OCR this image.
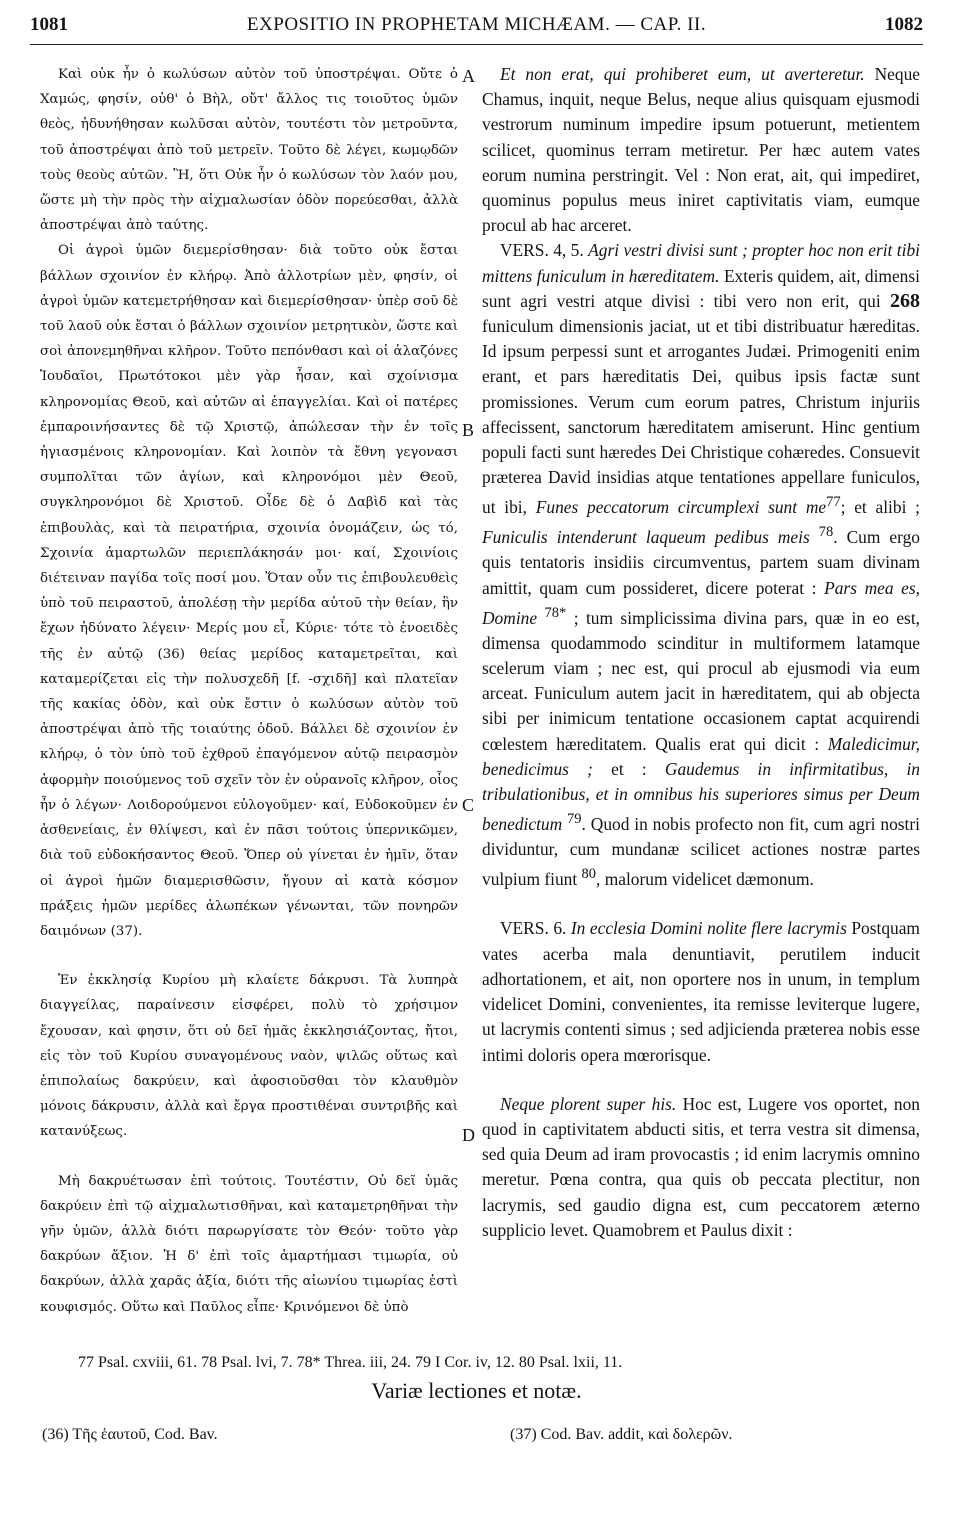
1081	EXPOSITIO IN PROPHETAM MICHÆAM. — CAP. II.	1082
A
B
C
D

Καὶ οὐκ ἦν ὁ κωλύσων αὐτὸν τοῦ ὑποστρέψαι. Οὔτε ὁ Χαμώς, φησίν, οὐθ' ὁ Βὴλ, οὔτ' ἄλλος τις τοιοῦτος ὑμῶν θεὸς, ἠδυνήθησαν κωλῦσαι αὐτὸν, τουτέστι τὸν μετροῦντα, τοῦ ἀποστρέψαι ἀπὸ τοῦ μετρεῖν. Τοῦτο δὲ λέγει, κωμῳδῶν τοὺς θεοὺς αὐτῶν. Ἢ, ὅτι Οὐκ ἦν ὁ κωλύσων τὸν λαόν μου, ὥστε μὴ τὴν πρὸς τὴν αἰχμαλωσίαν ὁδὸν πορεύεσθαι, ἀλλὰ ἀποστρέψαι ἀπὸ ταύτης.

Οἱ ἀγροὶ ὑμῶν διεμερίσθησαν· διὰ τοῦτο οὐκ ἔσται βάλλων σχοινίον ἐν κλήρῳ. Ἀπὸ ἀλλοτρίων μὲν, φησίν, οἱ ἀγροὶ ὑμῶν κατεμετρήθησαν καὶ διεμερίσθησαν· ὑπὲρ σοῦ δὲ τοῦ λαοῦ οὐκ ἔσται ὁ βάλλων σχοινίον μετρητικὸν, ὥστε καὶ σοὶ ἀπονεμηθῆναι κλῆρον. Τοῦτο πεπόνθασι καὶ οἱ ἀλαζόνες Ἰουδαῖοι, Πρωτότοκοι μὲν γὰρ ἦσαν, καὶ σχοίνισμα κληρονομίας Θεοῦ, καὶ αὐτῶν αἱ ἐπαγγελίαι. Καὶ οἱ πατέρες ἐμπαροινήσαντες δὲ τῷ Χριστῷ, ἀπώλεσαν τὴν ἐν τοῖς ἡγιασμένοις κληρονομίαν. Καὶ λοιπὸν τὰ ἔθνη γεγονασι συμπολῖται τῶν ἁγίων, καὶ κληρονόμοι μὲν Θεοῦ, συγκληρονόμοι δὲ Χριστοῦ. Οἶδε δὲ ὁ Δαβὶδ καὶ τὰς ἐπιβουλὰς, καὶ τὰ πειρατήρια, σχοινία ὀνομάζειν, ὡς τό, Σχοινία ἁμαρτωλῶν περιεπλάκησάν μοι· καί, Σχοινίοις διέτειναν παγίδα τοῖς ποσί μου. Ὅταν οὖν τις ἐπιβουλευθεὶς ὑπὸ τοῦ πειραστοῦ, ἀπολέσῃ τὴν μερίδα αὐτοῦ τὴν θείαν, ἣν ἔχων ἠδύνατο λέγειν· Μερίς μου εἶ, Κύριε· τότε τὸ ἐνοειδὲς τῆς ἐν αὐτῷ (36) θείας μερίδος καταμετρεῖται, καὶ καταμερίζεται εἰς τὴν πολυσχεδῆ [f. -σχιδῆ] καὶ πλατεῖαν τῆς κακίας ὁδὸν, καὶ οὐκ ἔστιν ὁ κωλύσων αὐτὸν τοῦ ἀποστρέψαι ἀπὸ τῆς τοιαύτης ὁδοῦ. Βάλλει δὲ σχοινίον ἐν κλήρῳ, ὁ τὸν ὑπὸ τοῦ ἐχθροῦ ἐπαγόμενον αὐτῷ πειρασμὸν ἀφορμὴν ποιούμενος τοῦ σχεῖν τὸν ἐν οὐρανοῖς κλῆρον, οἷος ἦν ὁ λέγων· Λοιδορούμενοι εὐλογοῦμεν· καί, Εὐδοκοῦμεν ἐν ἀσθενείαις, ἐν θλίψεσι, καὶ ἐν πᾶσι τούτοις ὑπερνικῶμεν, διὰ τοῦ εὐδοκήσαντος Θεοῦ. Ὅπερ οὐ γίνεται ἐν ἡμῖν, ὅταν οἱ ἀγροὶ ἡμῶν διαμερισθῶσιν, ἤγουν αἱ κατὰ κόσμον πράξεις ἡμῶν μερίδες ἀλωπέκων γένωνται, τῶν πονηρῶν δαιμόνων (37).

Ἐν ἐκκλησίᾳ Κυρίου μὴ κλαίετε δάκρυσι. Τὰ λυπηρὰ διαγγείλας, παραίνεσιν εἰσφέρει, πολὺ τὸ χρήσιμον ἔχουσαν, καὶ φησιν, ὅτι οὐ δεῖ ἡμᾶς ἐκκλησιάζοντας, ἤτοι, εἰς τὸν τοῦ Κυρίου συναγομένους ναὸν, ψιλῶς οὕτως καὶ ἐπιπολαίως δακρύειν, καὶ ἀφοσιοῦσθαι τὸν κλαυθμὸν μόνοις δάκρυσιν, ἀλλὰ καὶ ἔργα προστιθέναι συντριβῆς καὶ κατανύξεως.

Μὴ δακρυέτωσαν ἐπὶ τούτοις. Τουτέστιν, Οὐ δεῖ ὑμᾶς δακρύειν ἐπὶ τῷ αἰχμαλωτισθῆναι, καὶ καταμετρηθῆναι τὴν γῆν ὑμῶν, ἀλλὰ διότι παρωργίσατε τὸν Θεόν· τοῦτο γὰρ δακρύων ἄξιον. Ἡ δ' ἐπὶ τοῖς ἁμαρτήμασι τιμωρία, οὐ δακρύων, ἀλλὰ χαρᾶς ἀξία, διότι τῆς αἰωνίου τιμωρίας ἐστὶ κουφισμός. Οὕτω καὶ Παῦλος εἶπε· Κρινόμενοι δὲ ὑπὸ

Et non erat, qui prohiberet eum, ut averteretur. Neque Chamus, inquit, neque Belus, neque alius quisquam ejusmodi vestrorum numinum impedire ipsum potuerunt, metientem scilicet, quominus terram metiretur. Per hæc autem vates eorum numina perstringit. Vel : Non erat, ait, qui impediret, quominus populus meus iniret captivitatis viam, eumque procul ab hac arceret.

VERS. 4, 5. Agri vestri divisi sunt ; propter hoc non erit tibi mittens funiculum in hæreditatem. Exteris quidem, ait, dimensi sunt agri vestri atque divisi : tibi vero non erit, qui 268 funiculum dimensionis jaciat, ut et tibi distribuatur hæreditas. Id ipsum perpessi sunt et arrogantes Judæi. Primogeniti enim erant, et pars hæreditatis Dei, quibus ipsis factæ sunt promissiones. Verum cum eorum patres, Christum injuriis affecissent, sanctorum hæreditatem amiserunt. Hinc gentium populi facti sunt hæredes Dei Christique cohæredes. Consuevit præterea David insidias atque tentationes appellare funiculos, ut ibi, Funes peccatorum circumplexi sunt $me^{77}$; et alibi ; Funiculis intenderunt laqueum pedibus meis $^{78}$. Cum ergo quis tentatoris insidiis circumventus, partem suam divinam amittit, quam cum possideret, dicere poterat : Pars mea es, Domine $^{78*}$ ; tum simplicissima divina pars, quæ in eo est, dimensa quodammodo scinditur in multiformem latamque scelerum viam ; nec est, qui procul ab ejusmodi via eum arceat. Funiculum autem jacit in hæreditatem, qui ab objecta sibi per inimicum tentatione occasionem captat acquirendi cœlestem hæreditatem. Qualis erat qui dicit : Maledicimur, benedicimus ; et : Gaudemus in infirmitatibus, in tribulationibus, et in omnibus his superiores simus per Deum benedictum $^{79}$. Quod in nobis profecto non fit, cum agri nostri dividuntur, cum mundanæ scilicet actiones nostræ partes vulpium fiunt $^{80}$, malorum videlicet dæmonum.

VERS. 6. In ecclesia Domini nolite flere lacrymis Postquam vates acerba mala denuntiavit, perutilem inducit adhortationem, et ait, non oportere nos in unum, in templum videlicet Domini, convenientes, ita remisse leviterque lugere, ut lacrymis contenti simus ; sed adjicienda præterea nobis esse intimi doloris opera mœrorisque.

Neque plorent super his. Hoc est, Lugere vos oportet, non quod in captivitatem abducti sitis, et terra vestra sit dimensa, sed quia Deum ad iram provocastis ; id enim lacrymis omnino meretur. Pœna contra, qua quis ob peccata plectitur, non lacrymis, sed gaudio digna est, cum peccatorem æterno supplicio levet. Quamobrem et Paulus dixit :

77 Psal. cxviii, 61. 78 Psal. lvi, 7. 78* Threa. iii, 24. 79 I Cor. iv, 12. 80 Psal. lxii, 11.
Variæ lectiones et notæ.
(36) Τῆς ἑαυτοῦ, Cod. Bav.	(37) Cod. Bav. addit, καὶ δολερῶν.
